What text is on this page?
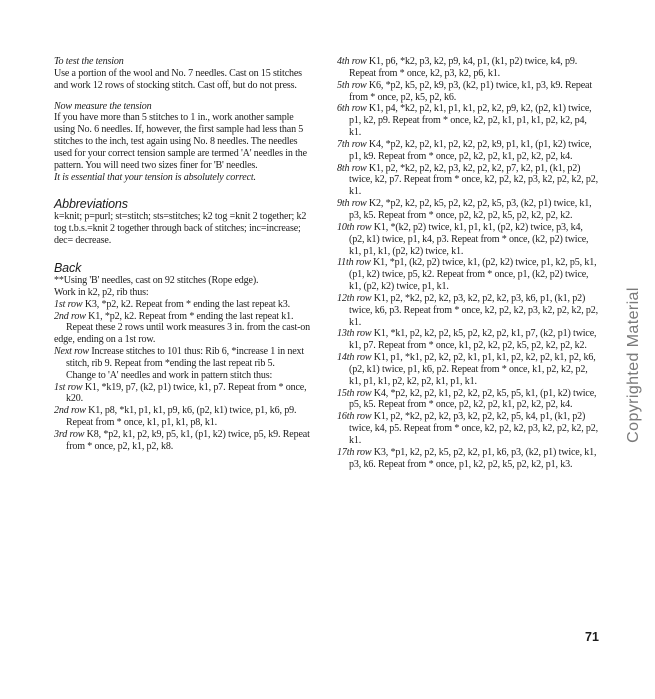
To test the tension
Use a portion of the wool and No. 7 needles. Cast on 15 stitches and work 12 rows of stocking stitch. Cast off, but do not press.
Now measure the tension
If you have more than 5 stitches to 1 in., work another sample using No. 6 needles. If, however, the first sample had less than 5 stitches to the inch, test again using No. 8 needles. The needles used for your correct tension sample are termed 'A' needles in the pattern. You will need two sizes finer for 'B' needles.
It is essential that your tension is absolutely correct.
Abbreviations
k=knit; p=purl; st=stitch; sts=stitches; k2 tog =knit 2 together; k2 tog t.b.s.=knit 2 together through back of stitches; inc=increase; dec= decrease.
Back
**Using 'B' needles, cast on 92 stitches (Rope edge).
Work in k2, p2, rib thus:
1st row K3, *p2, k2. Repeat from * ending the last repeat k3.
2nd row K1, *p2, k2. Repeat from * ending the last repeat k1.
Repeat these 2 rows until work measures 3 in. from the cast-on edge, ending on a 1st row.
Next row Increase stitches to 101 thus: Rib 6, *increase 1 in next stitch, rib 9. Repeat from *ending the last repeat rib 5.
Change to 'A' needles and work in pattern stitch thus:
1st row K1, *k19, p7, (k2, p1) twice, k1, p7. Repeat from * once, k20.
2nd row K1, p8, *k1, p1, k1, p9, k6, (p2, k1) twice, p1, k6, p9. Repeat from * once, k1, p1, k1, p8, k1.
3rd row K8, *p2, k1, p2, k9, p5, k1, (p1, k2) twice, p5, k9. Repeat from * once, p2, k1, p2, k8.
4th row K1, p6, *k2, p3, k2, p9, k4, p1, (k1, p2) twice, k4, p9. Repeat from * once, k2, p3, k2, p6, k1.
5th row K6, *p2, k5, p2, k9, p3, (k2, p1) twice, k1, p3, k9. Repeat from * once, p2, k5, p2, k6.
6th row K1, p4, *k2, p2, k1, p1, k1, p2, k2, p9, k2, (p2, k1) twice, p1, k2, p9. Repeat from * once, k2, p2, k1, p1, k1, p2, k2, p4, k1.
7th row K4, *p2, k2, p2, k1, p2, k2, p2, k9, p1, k1, (p1, k2) twice, p1, k9. Repeat from * once, p2, k2, p2, k1, p2, k2, p2, k4.
8th row K1, p2, *k2, p2, k2, p3, k2, p2, k2, p7, k2, p1, (k1, p2) twice, k2, p7. Repeat from * once, k2, p2, k2, p3, k2, p2, k2, p2, k1.
9th row K2, *p2, k2, p2, k5, p2, k2, p2, k5, p3, (k2, p1) twice, k1, p3, k5. Repeat from * once, p2, k2, p2, k5, p2, k2, p2, k2.
10th row K1, *(k2, p2) twice, k1, p1, k1, (p2, k2) twice, p3, k4, (p2, k1) twice, p1, k4, p3. Repeat from * once, (k2, p2) twice, k1, p1, k1, (p2, k2) twice, k1.
11th row K1, *p1, (k2, p2) twice, k1, (p2, k2) twice, p1, k2, p5, k1, (p1, k2) twice, p5, k2. Repeat from * once, p1, (k2, p2) twice, k1, (p2, k2) twice, p1, k1.
12th row K1, p2, *k2, p2, k2, p3, k2, p2, k2, p3, k6, p1, (k1, p2) twice, k6, p3. Repeat from * once, k2, p2, k2, p3, k2, p2, k2, p2, k1.
13th row K1, *k1, p2, k2, p2, k5, p2, k2, p2, k1, p7, (k2, p1) twice, k1, p7. Repeat from * once, k1, p2, k2, p2, k5, p2, k2, p2, k2.
14th row K1, p1, *k1, p2, k2, p2, k1, p1, k1, p2, k2, p2, k1, p2, k6, (p2, k1) twice, p1, k6, p2. Repeat from * once, k1, p2, k2, p2, k1, p1, k1, p2, k2, p2, k1, p1, k1.
15th row K4, *p2, k2, p2, k1, p2, k2, p2, k5, p5, k1, (p1, k2) twice, p5, k5. Repeat from * once, p2, k2, p2, k1, p2, k2, p2, k4.
16th row K1, p2, *k2, p2, k2, p3, k2, p2, k2, p5, k4, p1, (k1, p2) twice, k4, p5. Repeat from * once, k2, p2, k2, p3, k2, p2, k2, p2, k1.
17th row K3, *p1, k2, p2, k5, p2, k2, p1, k6, p3, (k2, p1) twice, k1, p3, k6. Repeat from * once, p1, k2, p2, k5, p2, k2, p1, k3.
Copyrighted Material
71
